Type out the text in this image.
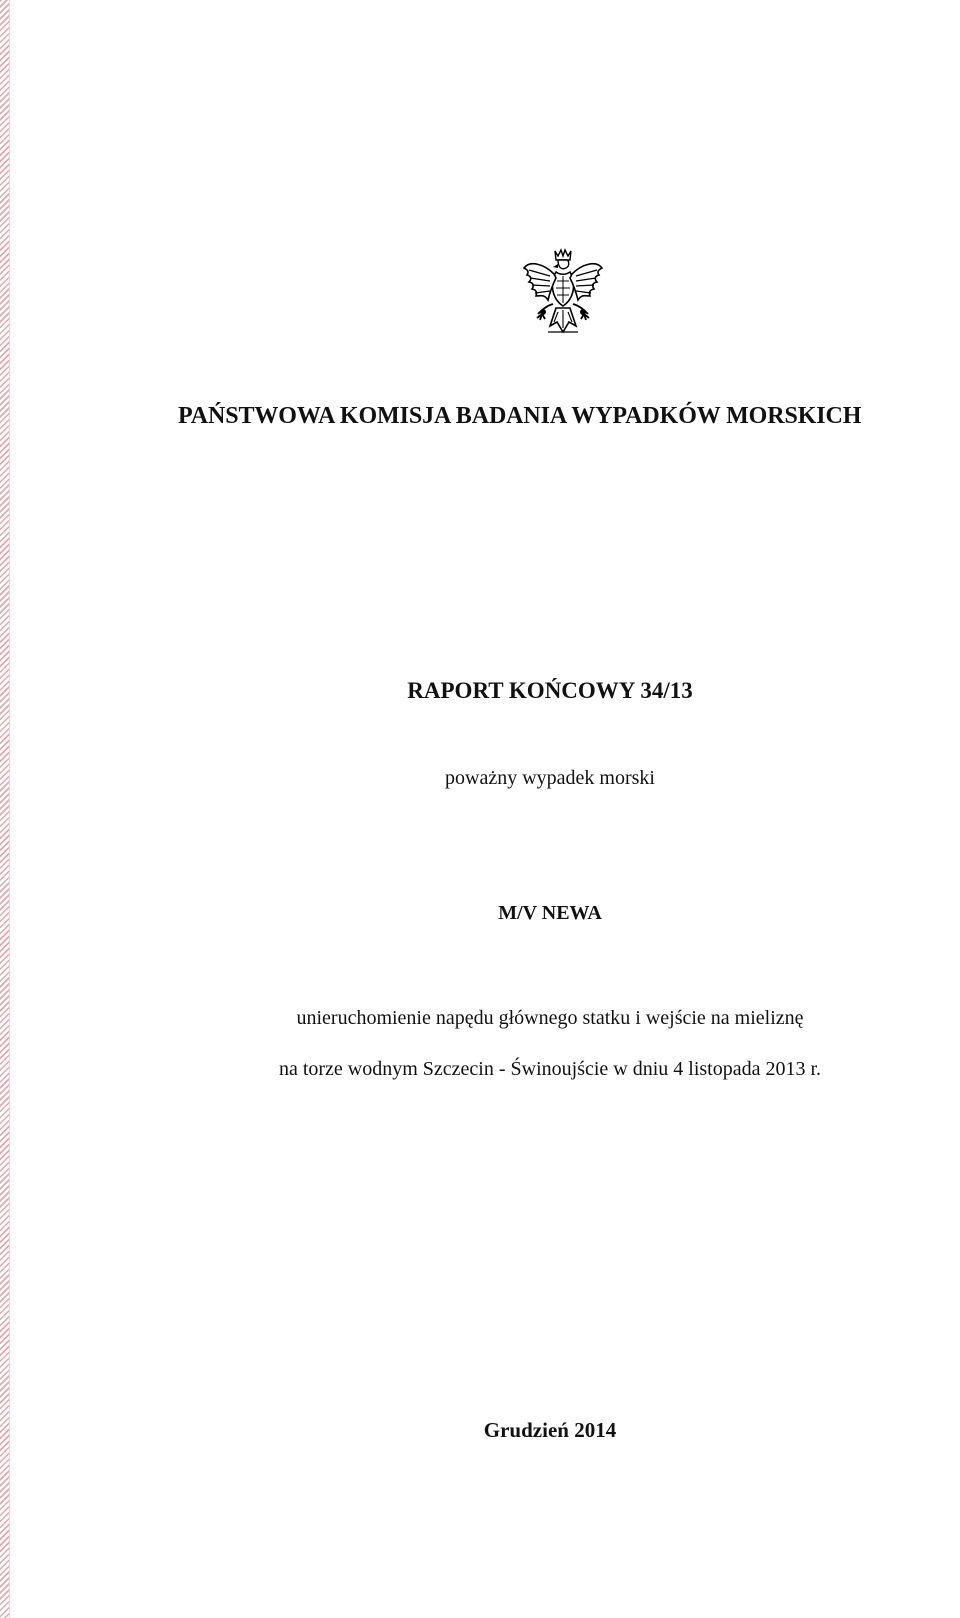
PAŃSTWOWA KOMISJA BADANIA WYPADKÓW MORSKICH
RAPORT KOŃCOWY 34/13
poważny wypadek morski
M/V NEWA
unieruchomienie napędu głównego statku i wejście na mieliznę
na torze wodnym Szczecin - Świnoujście w dniu 4 listopada 2013 r.
Grudzień 2014
